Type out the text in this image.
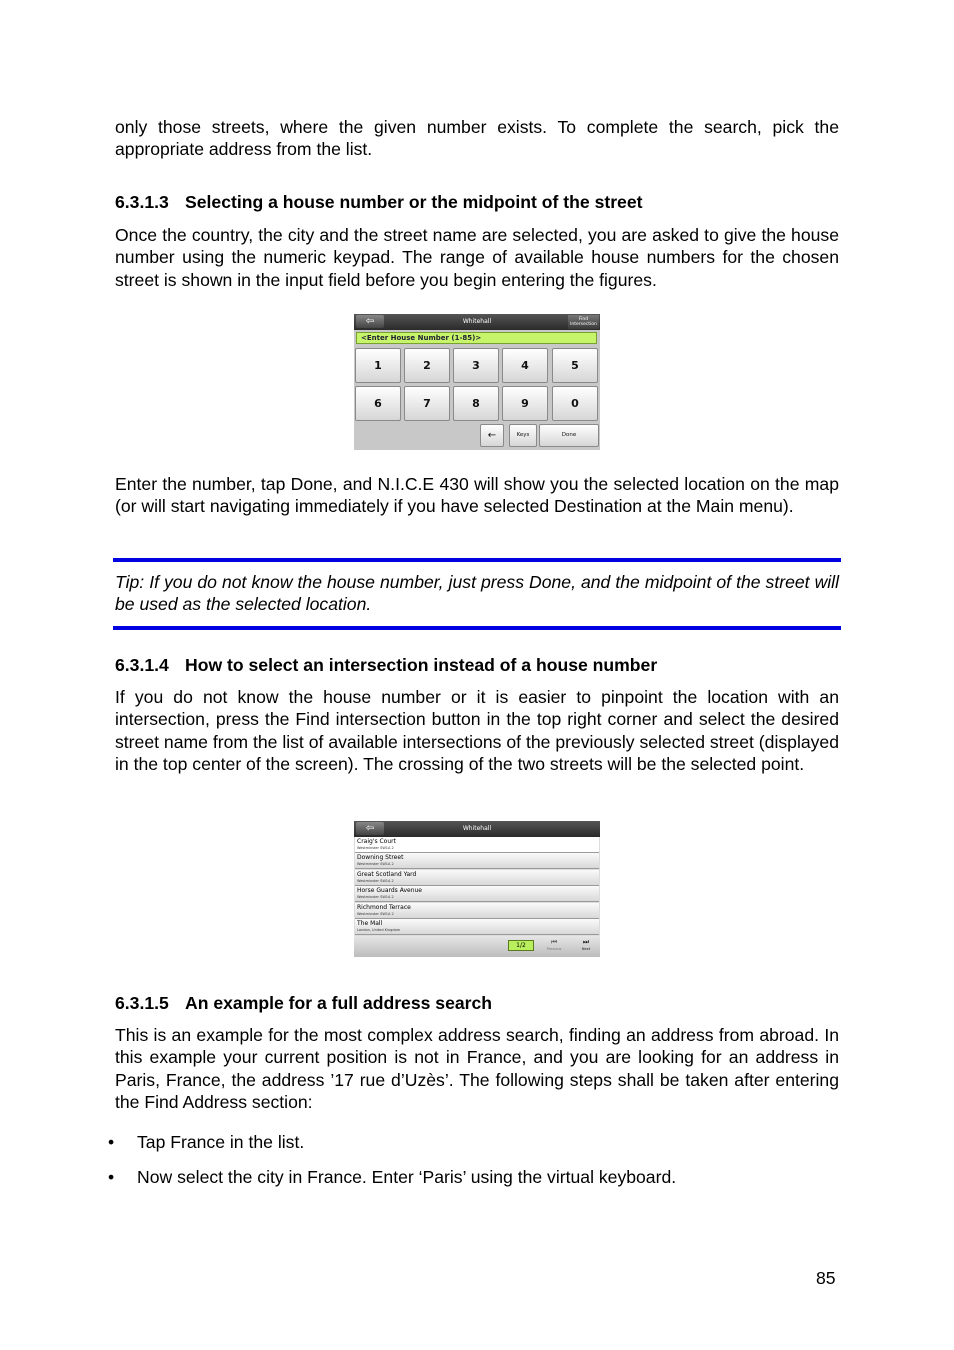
only those streets, where the given number exists. To complete the search, pick the appropriate address from the list.

6.3.1.3 Selecting a house number or the midpoint of the street

Once the country, the city and the street name are selected, you are asked to give the house number using the numeric keypad. The range of available house numbers for the chosen street is shown in the input field before you begin entering the figures.

Whitehall
⇦	Find
Intersection
<Enter House Number (1-85)>
1	2	3	4	5
6	7	8	9	0
←	Keys	Done

Enter the number, tap Done, and N.I.C.E 430 will show you the selected location on the map (or will start navigating immediately if you have selected Destination at the Main menu).

Tip: If you do not know the house number, just press Done, and the midpoint of the street will be used as the selected location.

6.3.1.4 How to select an intersection instead of a house number

If you do not know the house number or it is easier to pinpoint the location with an intersection, press the Find intersection button in the top right corner and select the desired street name from the list of available intersections of the previously selected street (displayed in the top center of the screen). The crossing of the two streets will be the selected point.

Whitehall
⇦
Craig's Court
Westminster SW1A 2
Downing Street
Westminster SW1A 2
Great Scotland Yard
Westminster SW1A 2
Horse Guards Avenue
Westminster SW1A 2
Richmond Terrace
Westminster SW1A 2
The Mall
London, United Kingdom
1/2	⏮
Previous
⏭
Next
6.3.1.5 An example for a full address search

This is an example for the most complex address search, finding an address from abroad. In this example your current position is not in France, and you are looking for an address in Paris, France, the address ’17 rue d’Uzès’. The following steps shall be taken after entering the Find Address section:

• Tap France in the list.
• Now select the city in France. Enter ‘Paris’ using the virtual keyboard.
85
